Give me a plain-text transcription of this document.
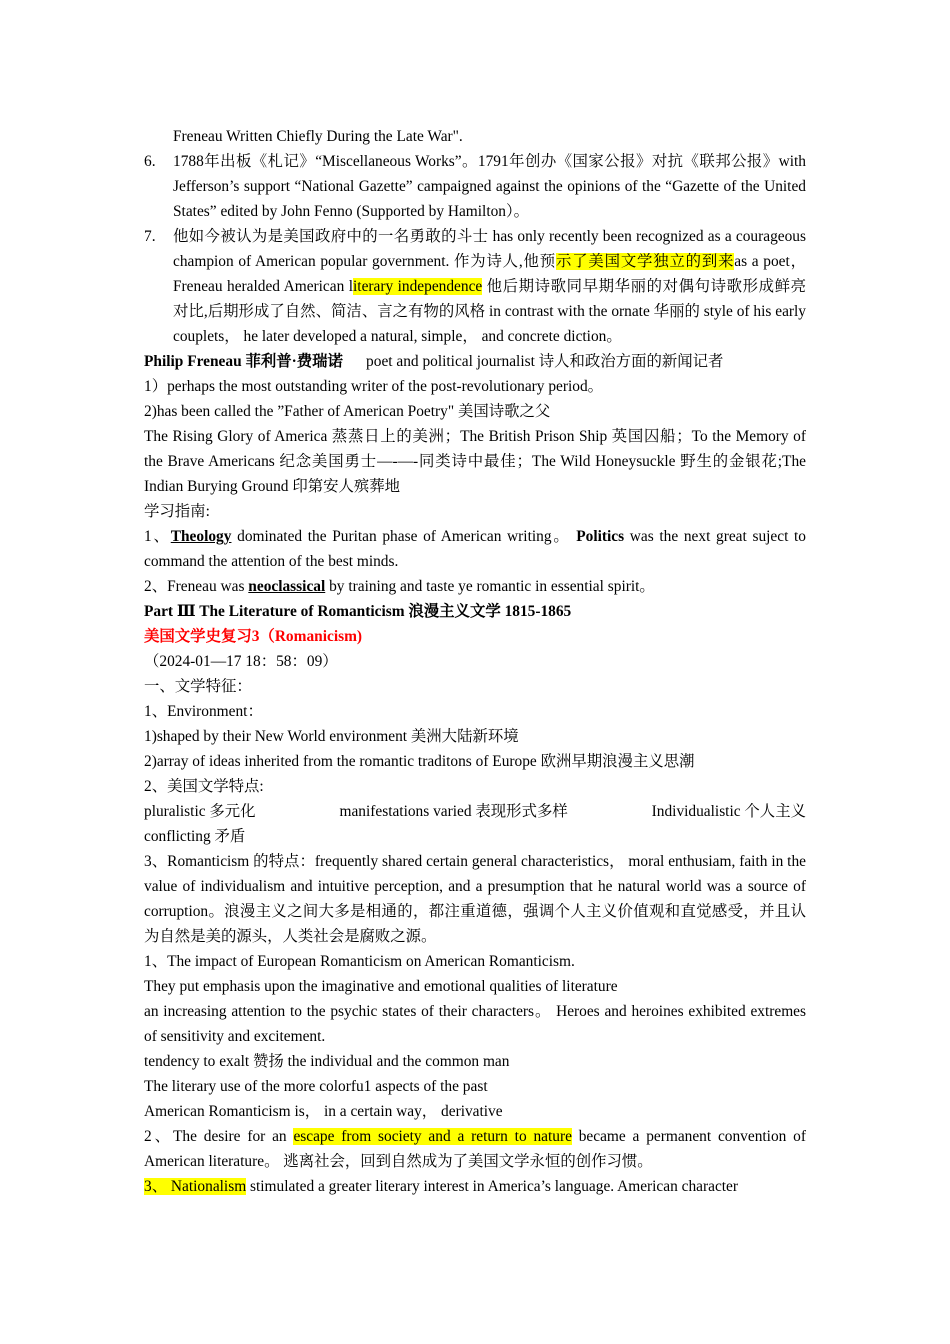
Freneau Written Chiefly During the Late War".

6. 1788年出板《札记》“Miscellaneous Works”。1791年创办《国家公报》对抗《联邦公报》with Jefferson’s support “National Gazette” campaigned against the opinions of the “Gazette of the United States” edited by John Fenno (Supported by Hamilton）。

7. 他如今被认为是美国政府中的一名勇敢的斗士 has only recently been recognized as a courageous champion of American popular government. 作为诗人,他预示了美国文学独立的到来as a poet， Freneau heralded American literary independence 他后期诗歌同早期华丽的对偶句诗歌形成鲜亮对比,后期形成了自然、简洁、言之有物的风格 in contrast with the ornate 华丽的 style of his early couplets， he later developed a natural, simple， and concrete diction。

Philip Freneau 菲利普·费瑞诺 poet and political journalist 诗人和政治方面的新闻记者

1）perhaps the most outstanding writer of the post-revolutionary period。

2)has been called the ”Father of American Poetry" 美国诗歌之父

The Rising Glory of America 蒸蒸日上的美洲；The British Prison Ship 英国囚船；To the Memory of the Brave Americans 纪念美国勇士—-—-同类诗中最佳；The Wild Honeysuckle 野生的金银花;The Indian Burying Ground 印第安人殡葬地

学习指南:

1、Theology dominated the Puritan phase of American writing。 Politics was the next great suject to command the attention of the best minds.

2、Freneau was neoclassical by training and taste ye romantic in essential spirit。

Part Ⅲ The Literature of Romanticism 浪漫主义文学 1815-1865

美国文学史复习3（Romanicism)

（2024-01—17 18：58：09）

一、文学特征：

1、Environment：

1)shaped by their New World environment 美洲大陆新环境

2)array of ideas inherited from the romantic traditons of Europe 欧洲早期浪漫主义思潮

2、美国文学特点:

pluralistic 多元化	manifestations varied 表现形式多样	Individualistic 个人主义

conflicting 矛盾

3、Romanticism 的特点：frequently shared certain general characteristics， moral enthusiam, faith in the value of individualism and intuitive perception, and a presumption that he natural world was a source of corruption。浪漫主义之间大多是相通的，都注重道德，强调个人主义价值观和直觉感受，并且认为自然是美的源头，人类社会是腐败之源。

1、The impact of European Romanticism on American Romanticism.

They put emphasis upon the imaginative and emotional qualities of literature

an increasing attention to the psychic states of their characters。 Heroes and heroines exhibited extremes of sensitivity and excitement.

tendency to exalt 赞扬 the individual and the common man

The literary use of the more colorfu1 aspects of the past

American Romanticism is， in a certain way， derivative

2、The desire for an escape from society and a return to nature became a permanent convention of American literature。 逃离社会，回到自然成为了美国文学永恒的创作习惯。

3、 Nationalism stimulated a greater literary interest in America’s language. American character
